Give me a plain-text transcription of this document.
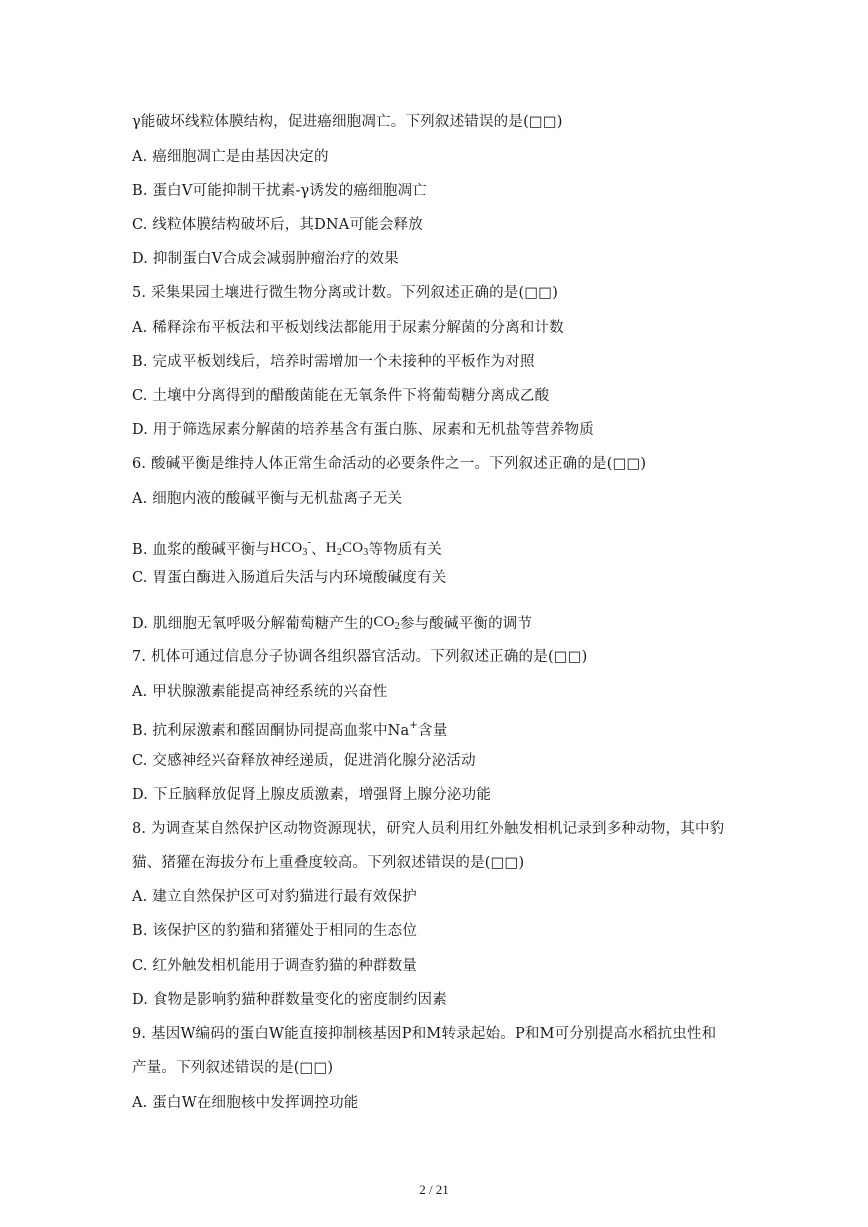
γ能破坏线粒体膜结构，促进癌细胞凋亡。下列叙述错误的是(□□)
A. 癌细胞凋亡是由基因决定的
B. 蛋白V可能抑制干扰素-γ诱发的癌细胞凋亡
C. 线粒体膜结构破坏后，其DNA可能会释放
D. 抑制蛋白V合成会减弱肿瘤治疗的效果
5. 采集果园土壤进行微生物分离或计数。下列叙述正确的是(□□)
A. 稀释涂布平板法和平板划线法都能用于尿素分解菌的分离和计数
B. 完成平板划线后，培养时需增加一个未接种的平板作为对照
C. 土壤中分离得到的醋酸菌能在无氧条件下将葡萄糖分离成乙酸
D. 用于筛选尿素分解菌的培养基含有蛋白胨、尿素和无机盐等营养物质
6. 酸碱平衡是维持人体正常生命活动的必要条件之一。下列叙述正确的是(□□)
A. 细胞内液的酸碱平衡与无机盐离子无关
B. 血浆的酸碱平衡与$HCO_3^-$、$H_2CO_3$等物质有关
C. 胃蛋白酶进入肠道后失活与内环境酸碱度有关
D. 肌细胞无氧呼吸分解葡萄糖产生的$CO_2$参与酸碱平衡的调节
7. 机体可通过信息分子协调各组织器官活动。下列叙述正确的是(□□)
A. 甲状腺激素能提高神经系统的兴奋性
B. 抗利尿激素和醛固酮协同提高血浆中Na+含量
C. 交感神经兴奋释放神经递质，促进消化腺分泌活动
D. 下丘脑释放促肾上腺皮质激素，增强肾上腺分泌功能
8. 为调查某自然保护区动物资源现状，研究人员利用红外触发相机记录到多种动物，其中豹
猫、猪獾在海拔分布上重叠度较高。下列叙述错误的是(□□)
A. 建立自然保护区可对豹猫进行最有效保护
B. 该保护区的豹猫和猪獾处于相同的生态位
C. 红外触发相机能用于调查豹猫的种群数量
D. 食物是影响豹猫种群数量变化的密度制约因素
9. 基因W编码的蛋白W能直接抑制核基因P和M转录起始。P和M可分别提高水稻抗虫性和
产量。下列叙述错误的是(□□)
A. 蛋白W在细胞核中发挥调控功能
2 / 21
